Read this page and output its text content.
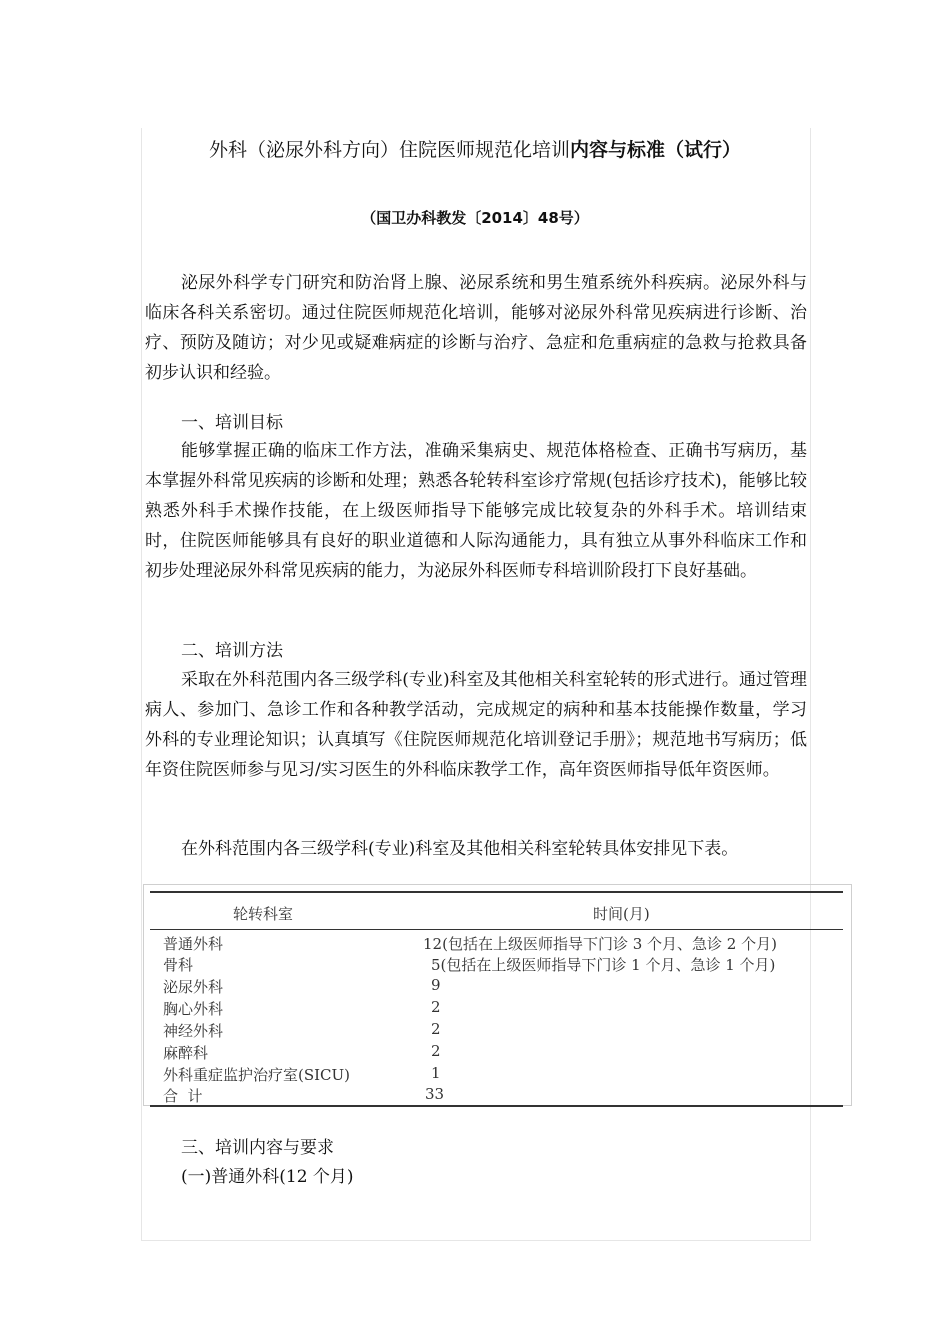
外科（泌尿外科方向）住院医师规范化培训内容与标准（试行）
（国卫办科教发〔2014〕48号）

泌尿外科学专门研究和防治肾上腺、泌尿系统和男生殖系统外科疾病。泌尿外科与临床各科关系密切。通过住院医师规范化培训，能够对泌尿外科常见疾病进行诊断、治疗、预防及随访；对少见或疑难病症的诊断与治疗、急症和危重病症的急救与抢救具备初步认识和经验。

一、培训目标

能够掌握正确的临床工作方法，准确采集病史、规范体格检查、正确书写病历，基本掌握外科常见疾病的诊断和处理；熟悉各轮转科室诊疗常规(包括诊疗技术)，能够比较熟悉外科手术操作技能，在上级医师指导下能够完成比较复杂的外科手术。培训结束时，住院医师能够具有良好的职业道德和人际沟通能力，具有独立从事外科临床工作和初步处理泌尿外科常见疾病的能力，为泌尿外科医师专科培训阶段打下良好基础。

二、培训方法

采取在外科范围内各三级学科(专业)科室及其他相关科室轮转的形式进行。通过管理病人、参加门、急诊工作和各种教学活动，完成规定的病种和基本技能操作数量，学习外科的专业理论知识；认真填写《住院医师规范化培训登记手册》；规范地书写病历；低年资住院医师参与见习/实习医生的外科临床教学工作，高年资医师指导低年资医师。

在外科范围内各三级学科(专业)科室及其他相关科室轮转具体安排见下表。

轮转科室	时间(月)
普通外科	12(包括在上级医师指导下门诊 3 个月、急诊 2 个月)
骨科	5(包括在上级医师指导下门诊 1 个月、急诊 1 个月)
泌尿外科	9
胸心外科	2
神经外科	2
麻醉科	2
外科重症监护治疗室(SICU)	1
合  计	33

三、培训内容与要求

(一)普通外科(12 个月)
